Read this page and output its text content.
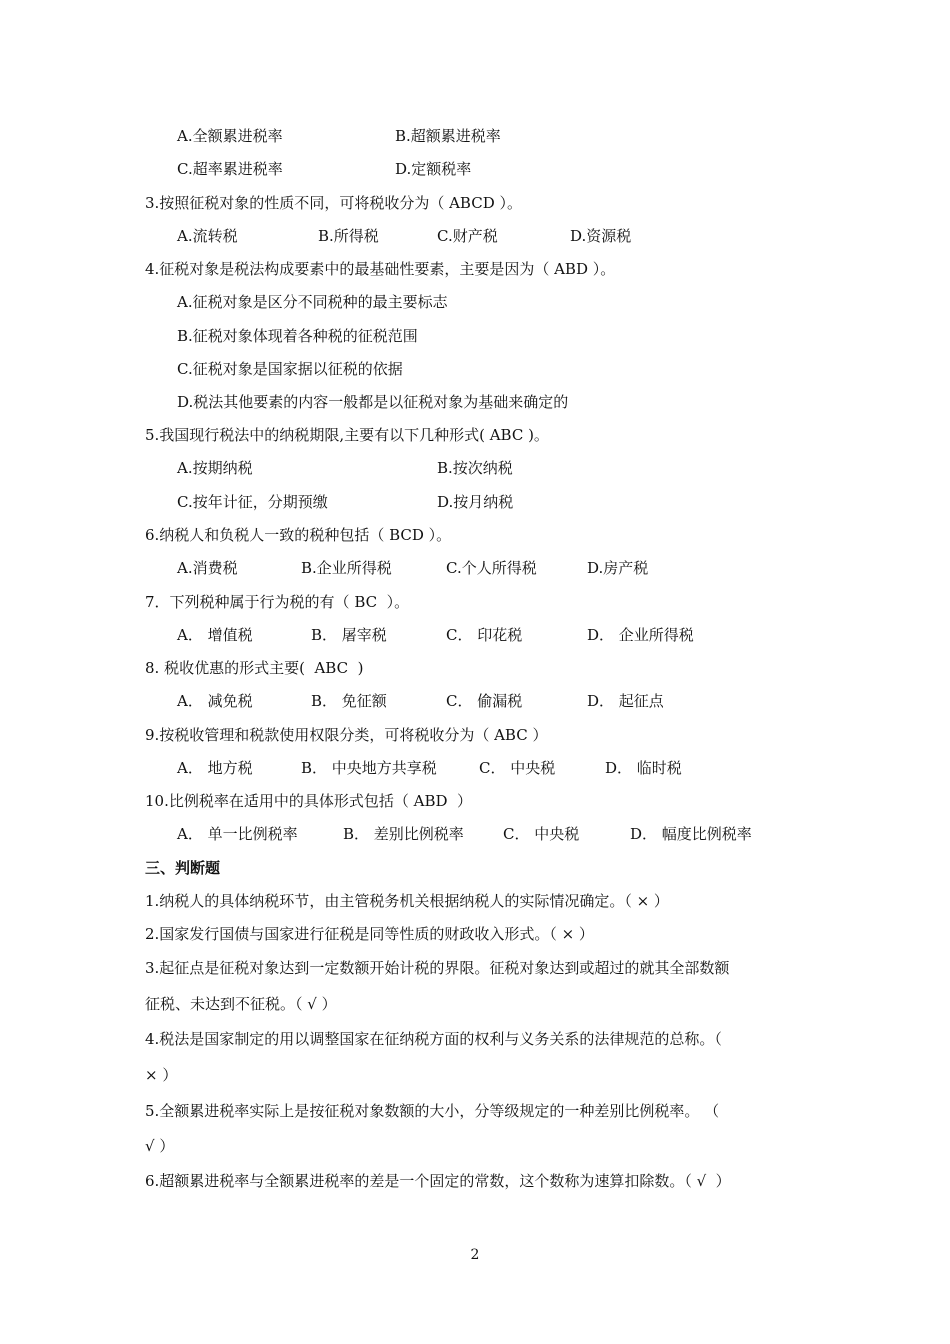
A.全额累进税率	B.超额累进税率
C.超率累进税率	D.定额税率
3.按照征税对象的性质不同，可将税收分为（ ABCD ）。
A.流转税	B.所得税	C.财产税	D.资源税
4.征税对象是税法构成要素中的最基础性要素，主要是因为（ ABD ）。
A.征税对象是区分不同税种的最主要标志
B.征税对象体现着各种税的征税范围
C.征税对象是国家据以征税的依据
D.税法其他要素的内容一般都是以征税对象为基础来确定的
5.我国现行税法中的纳税期限,主要有以下几种形式( ABC )。
A.按期纳税	B.按次纳税
C.按年计征，分期预缴	D.按月纳税
6.纳税人和负税人一致的税种包括（ BCD ）。
A.消费税	B.企业所得税	C.个人所得税	D.房产税
7．下列税种属于行为税的有（ BC  ）。
A． 增值税	B． 屠宰税	C． 印花税	D． 企业所得税
8. 税收优惠的形式主要(  ABC  )
A． 减免税	B． 免征额	C． 偷漏税	D． 起征点
9.按税收管理和税款使用权限分类，可将税收分为（ ABC ）
A． 地方税	B． 中央地方共享税	C． 中央税	D． 临时税
10.比例税率在适用中的具体形式包括（ ABD  ）
A． 单一比例税率	B． 差别比例税率	C． 中央税	D． 幅度比例税率
三、判断题
1.纳税人的具体纳税环节，由主管税务机关根据纳税人的实际情况确定。（ × ）
2.国家发行国债与国家进行征税是同等性质的财政收入形式。（ × ）
3.起征点是征税对象达到一定数额开始计税的界限。征税对象达到或超过的就其全部数额
征税、未达到不征税。（ √ ）
4.税法是国家制定的用以调整国家在征纳税方面的权利与义务关系的法律规范的总称。（
× ）
5.全额累进税率实际上是按征税对象数额的大小，分等级规定的一种差别比例税率。 （
√ ）
6.超额累进税率与全额累进税率的差是一个固定的常数，这个数称为速算扣除数。（ √  ）
2
